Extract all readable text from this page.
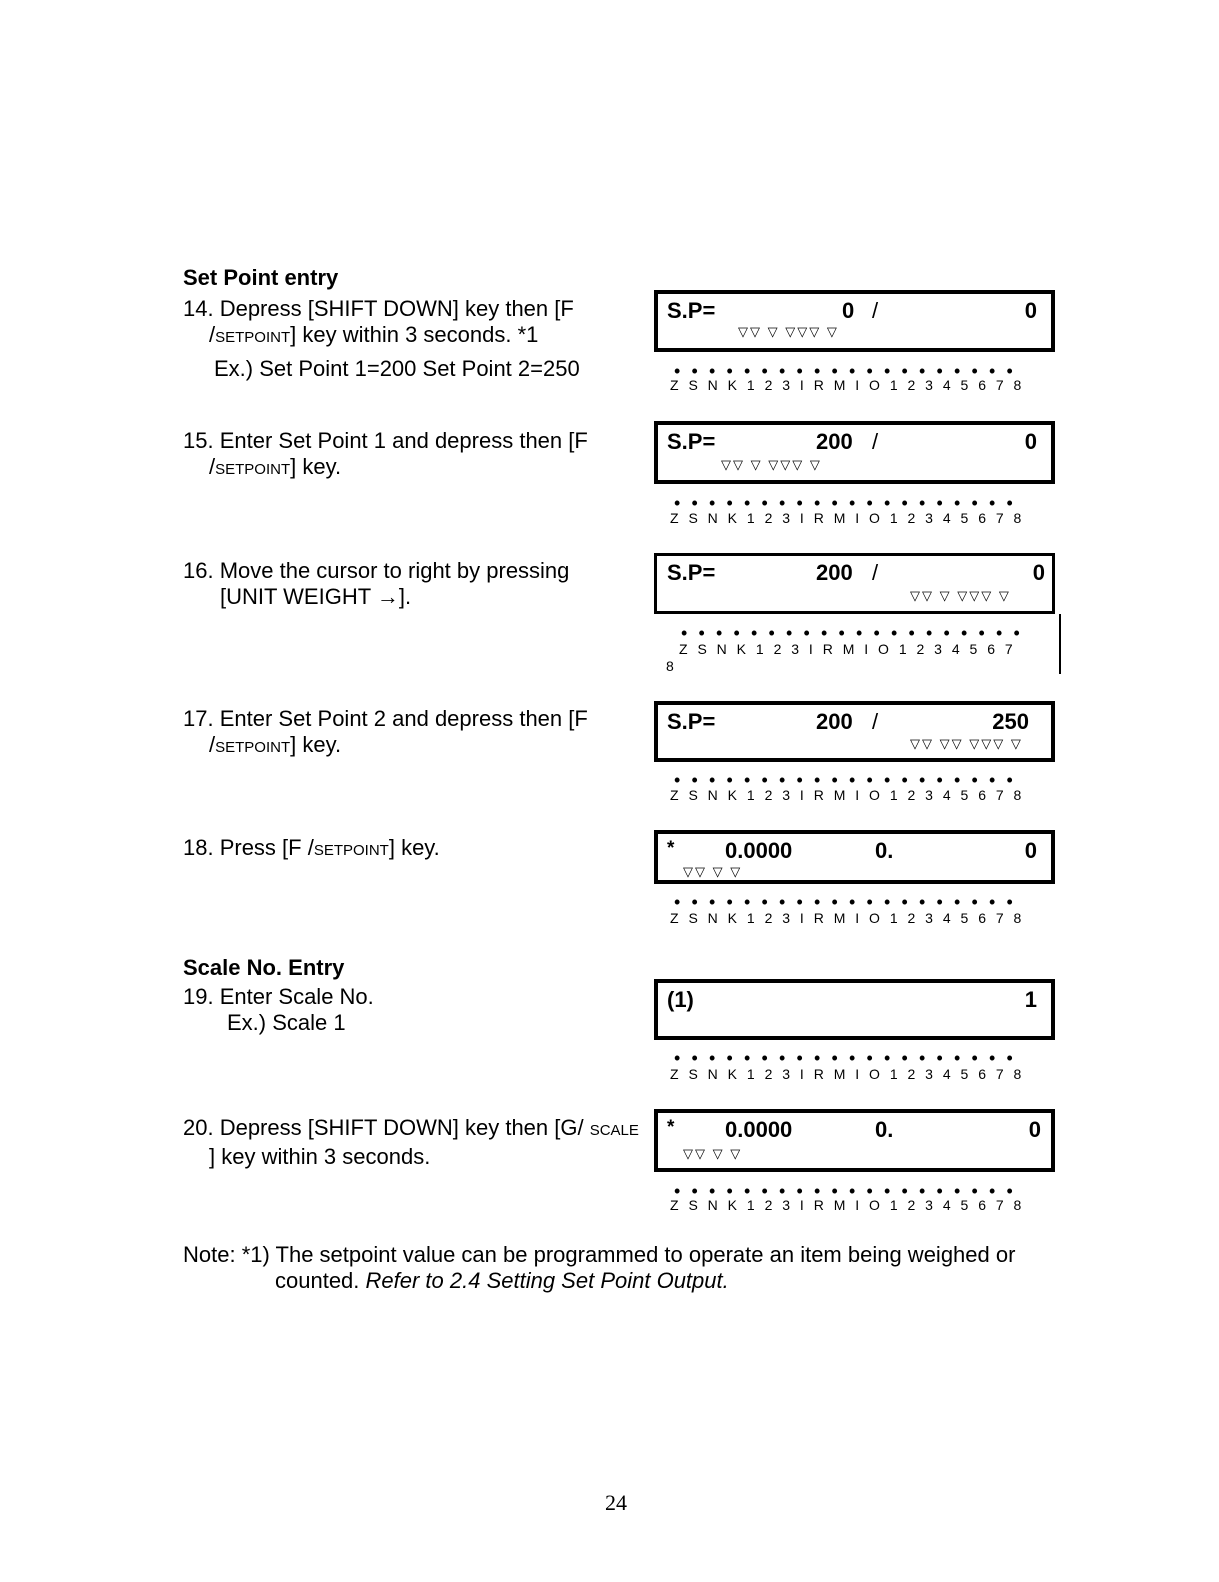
Set Point entry
Scale No. Entry
14. Depress [SHIFT DOWN] key then [F
/SETPOINT] key within 3 seconds. *1
Ex.) Set Point 1=200 Set Point 2=250
15. Enter Set Point 1 and depress then [F
/SETPOINT] key.
16. Move the cursor to right by pressing
[UNIT WEIGHT →].
17. Enter Set Point 2 and depress then [F
/SETPOINT] key.
18. Press [F /SETPOINT] key.
19. Enter Scale No.
Ex.) Scale 1
20. Depress [SHIFT DOWN] key then [G/ SCALE
] key within 3 seconds.
S.P=	0 /	0
▽▽ ▽ ▽▽▽ ▽
••••••••••••••••••••
Z S N K 1 2 3 I R M I O 1 2 3 4 5 6 7 8
S.P=	200 /	0
▽▽ ▽ ▽▽▽ ▽
••••••••••••••••••••
Z S N K 1 2 3 I R M I O 1 2 3 4 5 6 7 8
S.P=	200 /	0
▽▽ ▽ ▽▽▽ ▽
••••••••••••••••••••
Z S N K 1 2 3 I R M I O 1 2 3 4 5 6 7
8
S.P=	200 /	250
▽▽ ▽▽ ▽▽▽ ▽
••••••••••••••••••••
Z S N K 1 2 3 I R M I O 1 2 3 4 5 6 7 8
* 0.0000	0.	0
▽▽ ▽ ▽
••••••••••••••••••••
Z S N K 1 2 3 I R M I O 1 2 3 4 5 6 7 8
(1)	1
••••••••••••••••••••
Z S N K 1 2 3 I R M I O 1 2 3 4 5 6 7 8
* 0.0000	0.	0
▽▽ ▽ ▽
••••••••••••••••••••
Z S N K 1 2 3 I R M I O 1 2 3 4 5 6 7 8
Note: *1) The setpoint value can be programmed to operate an item being weighed or
counted. Refer to 2.4 Setting Set Point Output.
24
